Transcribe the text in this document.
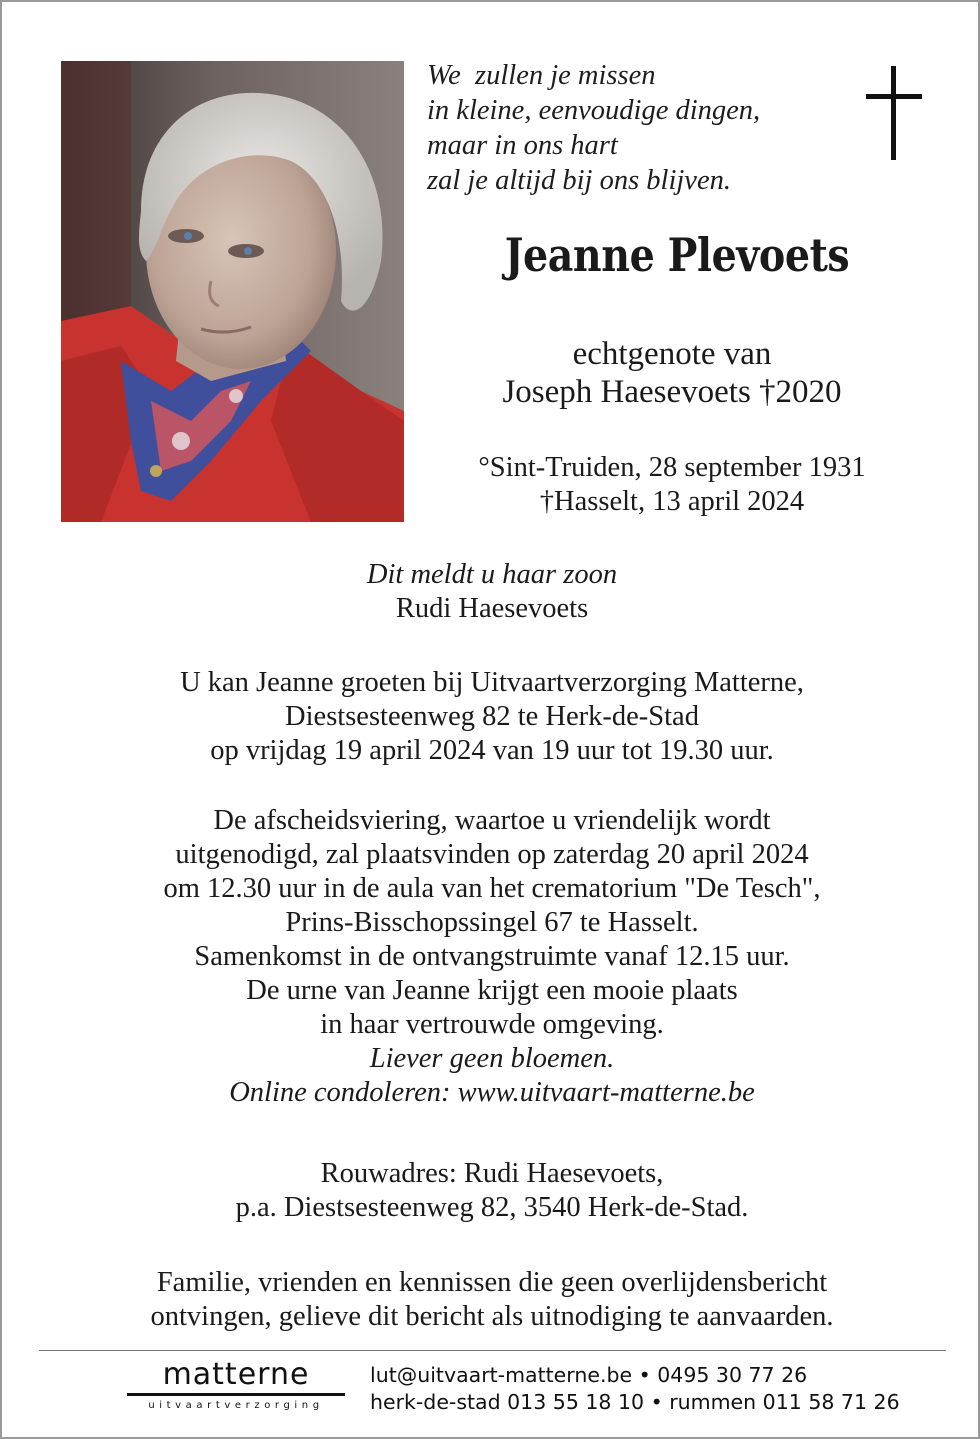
We  zullen je missen
in kleine, eenvoudige dingen,
maar in ons hart
zal je altijd bij ons blijven.
Jeanne Plevoets
echtgenote van
Joseph Haesevoets †2020
°Sint-Truiden, 28 september 1931
†Hasselt, 13 april 2024
Dit meldt u haar zoon
Rudi Haesevoets
U kan Jeanne groeten bij Uitvaartverzorging Matterne,
Diestsesteenweg 82 te Herk-de-Stad
op vrijdag 19 april 2024 van 19 uur tot 19.30 uur.
De afscheidsviering, waartoe u vriendelijk wordt
uitgenodigd, zal plaatsvinden op zaterdag 20 april 2024
om 12.30 uur in de aula van het crematorium "De Tesch",
Prins-Bisschopssingel 67 te Hasselt.
Samenkomst in de ontvangstruimte vanaf 12.15 uur.
De urne van Jeanne krijgt een mooie plaats
in haar vertrouwde omgeving.
Liever geen bloemen.
Online condoleren: www.uitvaart-matterne.be
Rouwadres: Rudi Haesevoets,
p.a. Diestsesteenweg 82, 3540 Herk-de-Stad.
Familie, vrienden en kennissen die geen overlijdensbericht
ontvingen, gelieve dit bericht als uitnodiging te aanvaarden.
matterne
uitvaartverzorging
lut@uitvaart-matterne.be • 0495 30 77 26
herk-de-stad 013 55 18 10 • rummen 011 58 71 26
